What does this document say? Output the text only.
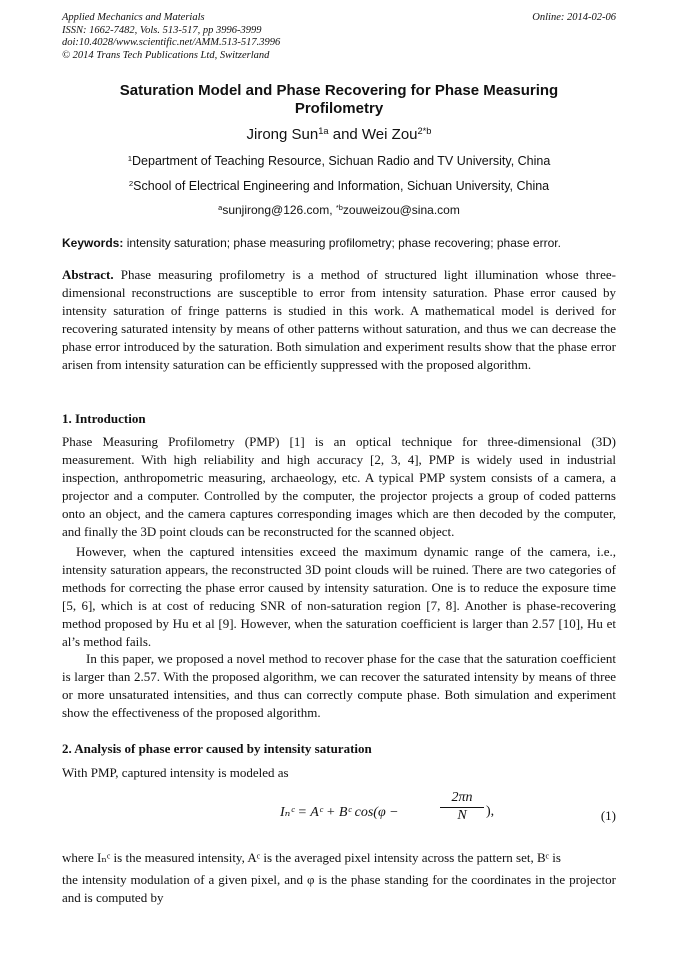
Applied Mechanics and Materials
ISSN: 1662-7482, Vols. 513-517, pp 3996-3999
doi:10.4028/www.scientific.net/AMM.513-517.3996
© 2014 Trans Tech Publications Ltd, Switzerland
Online: 2014-02-06
Saturation Model and Phase Recovering for Phase Measuring
Profilometry
Jirong Sun$^{1a}$ and Wei Zou$^{2*b}$
$^1$Department of Teaching Resource, Sichuan Radio and TV University, China
$^2$School of Electrical Engineering and Information, Sichuan University, China
$^a$sunjirong@126.com, $^{*b}$zouweizou@sina.com
Keywords: intensity saturation; phase measuring profilometry; phase recovering; phase error.
Abstract. Phase measuring profilometry is a method of structured light illumination whose three-dimensional reconstructions are susceptible to error from intensity saturation. Phase error caused by intensity saturation of fringe patterns is studied in this work. A mathematical model is derived for recovering saturated intensity by means of other patterns without saturation, and thus we can decrease the phase error introduced by the saturation. Both simulation and experiment results show that the phase error arisen from intensity saturation can be efficiently suppressed with the proposed algorithm.
1. Introduction
Phase Measuring Profilometry (PMP) [1] is an optical technique for three-dimensional (3D) measurement. With high reliability and high accuracy [2, 3, 4], PMP is widely used in industrial inspection, anthropometric measuring, archaeology, etc. A typical PMP system consists of a camera, a projector and a computer. Controlled by the computer, the projector projects a group of coded patterns onto an object, and the camera captures corresponding images which are then decoded by the computer, and finally the 3D point clouds can be reconstructed for the scanned object.
However, when the captured intensities exceed the maximum dynamic range of the camera, i.e., intensity saturation appears, the reconstructed 3D point clouds will be ruined. There are two categories of methods for correcting the phase error caused by intensity saturation. One is to reduce the exposure time [5, 6], which is at cost of reducing SNR of non-saturation region [7, 8]. Another is phase-recovering method proposed by Hu et al [9]. However, when the saturation coefficient is larger than 2.57 [10], Hu et al’s method fails.
In this paper, we proposed a novel method to recover phase for the case that the saturation coefficient is larger than 2.57. With the proposed algorithm, we can recover the saturated intensity by means of three or more unsaturated intensities, and thus can correctly compute phase. Both simulation and experiment show the effectiveness of the proposed algorithm.
2. Analysis of phase error caused by intensity saturation
With PMP, captured intensity is modeled as
Iₙᶜ = Aᶜ + Bᶜ cos(φ −	$\frac{2\pi n}{N}$ ),	(1)
where Iₙᶜ is the measured intensity, Aᶜ is the averaged pixel intensity across the pattern set, Bᶜ is
the intensity modulation of a given pixel, and φ is the phase standing for the coordinates in the projector and is computed by
